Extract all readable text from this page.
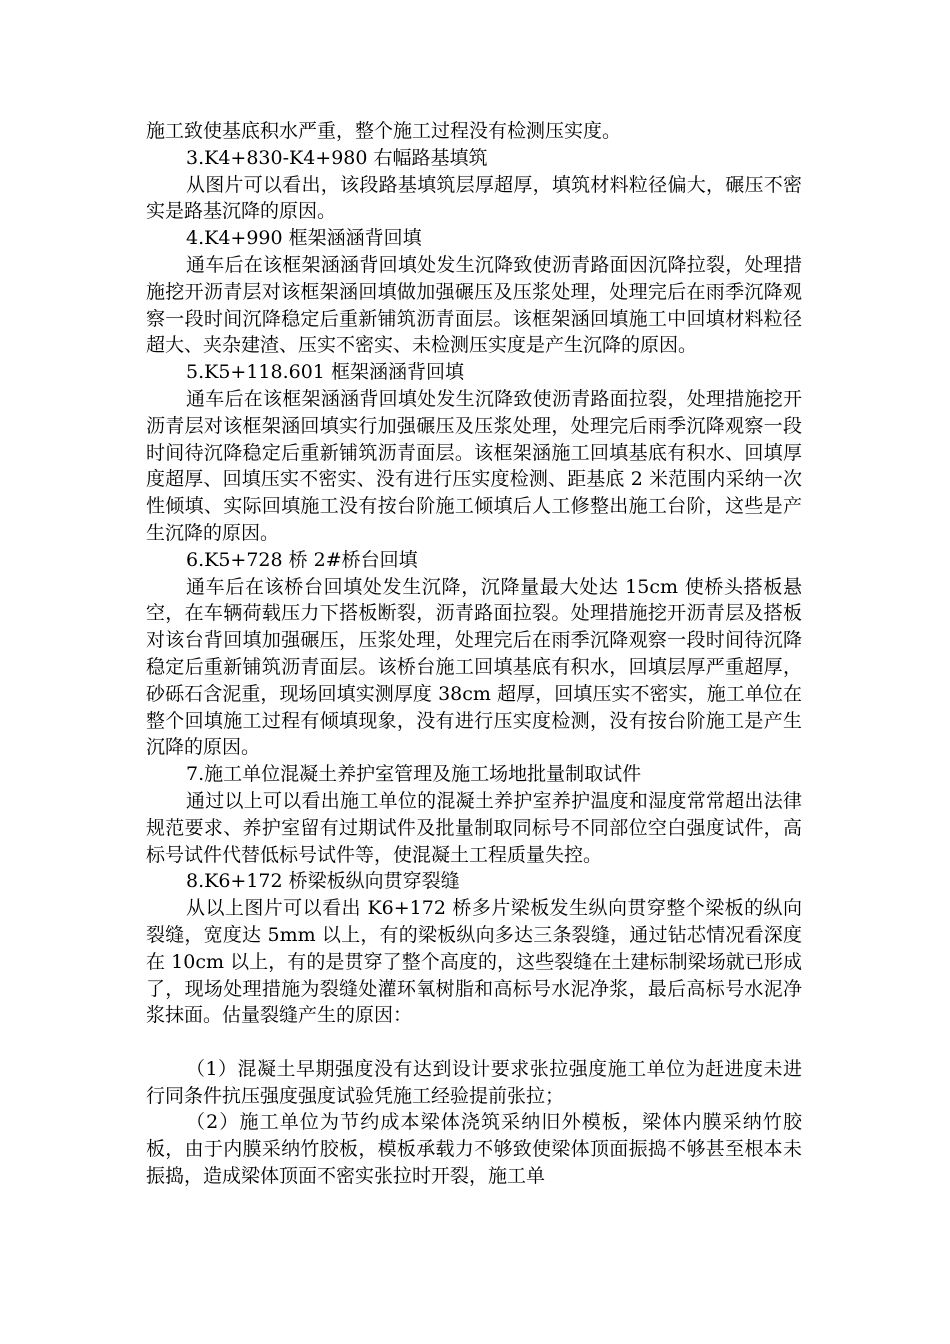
施工致使基底积水严重，整个施工过程没有检测压实度。

3.K4+830-K4+980 右幅路基填筑

从图片可以看出，该段路基填筑层厚超厚，填筑材料粒径偏大，碾压不密实是路基沉降的原因。

4.K4+990 框架涵涵背回填

通车后在该框架涵涵背回填处发生沉降致使沥青路面因沉降拉裂，处理措施挖开沥青层对该框架涵回填做加强碾压及压浆处理，处理完后在雨季沉降观察一段时间沉降稳定后重新铺筑沥青面层。该框架涵回填施工中回填材料粒径超大、夹杂建渣、压实不密实、未检测压实度是产生沉降的原因。

5.K5+118.601 框架涵涵背回填

通车后在该框架涵涵背回填处发生沉降致使沥青路面拉裂，处理措施挖开沥青层对该框架涵回填实行加强碾压及压浆处理，处理完后雨季沉降观察一段时间待沉降稳定后重新铺筑沥青面层。该框架涵施工回填基底有积水、回填厚度超厚、回填压实不密实、没有进行压实度检测、距基底 2 米范围内采纳一次性倾填、实际回填施工没有按台阶施工倾填后人工修整出施工台阶，这些是产生沉降的原因。

6.K5+728 桥 2#桥台回填

通车后在该桥台回填处发生沉降，沉降量最大处达 15cm 使桥头搭板悬空，在车辆荷载压力下搭板断裂，沥青路面拉裂。处理措施挖开沥青层及搭板对该台背回填加强碾压，压浆处理，处理完后在雨季沉降观察一段时间待沉降稳定后重新铺筑沥青面层。该桥台施工回填基底有积水，回填层厚严重超厚，砂砾石含泥重，现场回填实测厚度 38cm 超厚，回填压实不密实，施工单位在整个回填施工过程有倾填现象，没有进行压实度检测，没有按台阶施工是产生沉降的原因。

7.施工单位混凝土养护室管理及施工场地批量制取试件

通过以上可以看出施工单位的混凝土养护室养护温度和湿度常常超出法律规范要求、养护室留有过期试件及批量制取同标号不同部位空白强度试件，高标号试件代替低标号试件等，使混凝土工程质量失控。

8.K6+172 桥梁板纵向贯穿裂缝

从以上图片可以看出 K6+172 桥多片梁板发生纵向贯穿整个梁板的纵向裂缝，宽度达 5mm 以上，有的梁板纵向多达三条裂缝，通过钻芯情况看深度在 10cm 以上，有的是贯穿了整个高度的，这些裂缝在土建标制梁场就已形成了，现场处理措施为裂缝处灌环氧树脂和高标号水泥净浆，最后高标号水泥净浆抹面。估量裂缝产生的原因：

（1）混凝土早期强度没有达到设计要求张拉强度施工单位为赶进度未进行同条件抗压强度强度试验凭施工经验提前张拉；

（2）施工单位为节约成本梁体浇筑采纳旧外模板，梁体内膜采纳竹胶板，由于内膜采纳竹胶板，模板承载力不够致使梁体顶面振捣不够甚至根本未振捣，造成梁体顶面不密实张拉时开裂，施工单
